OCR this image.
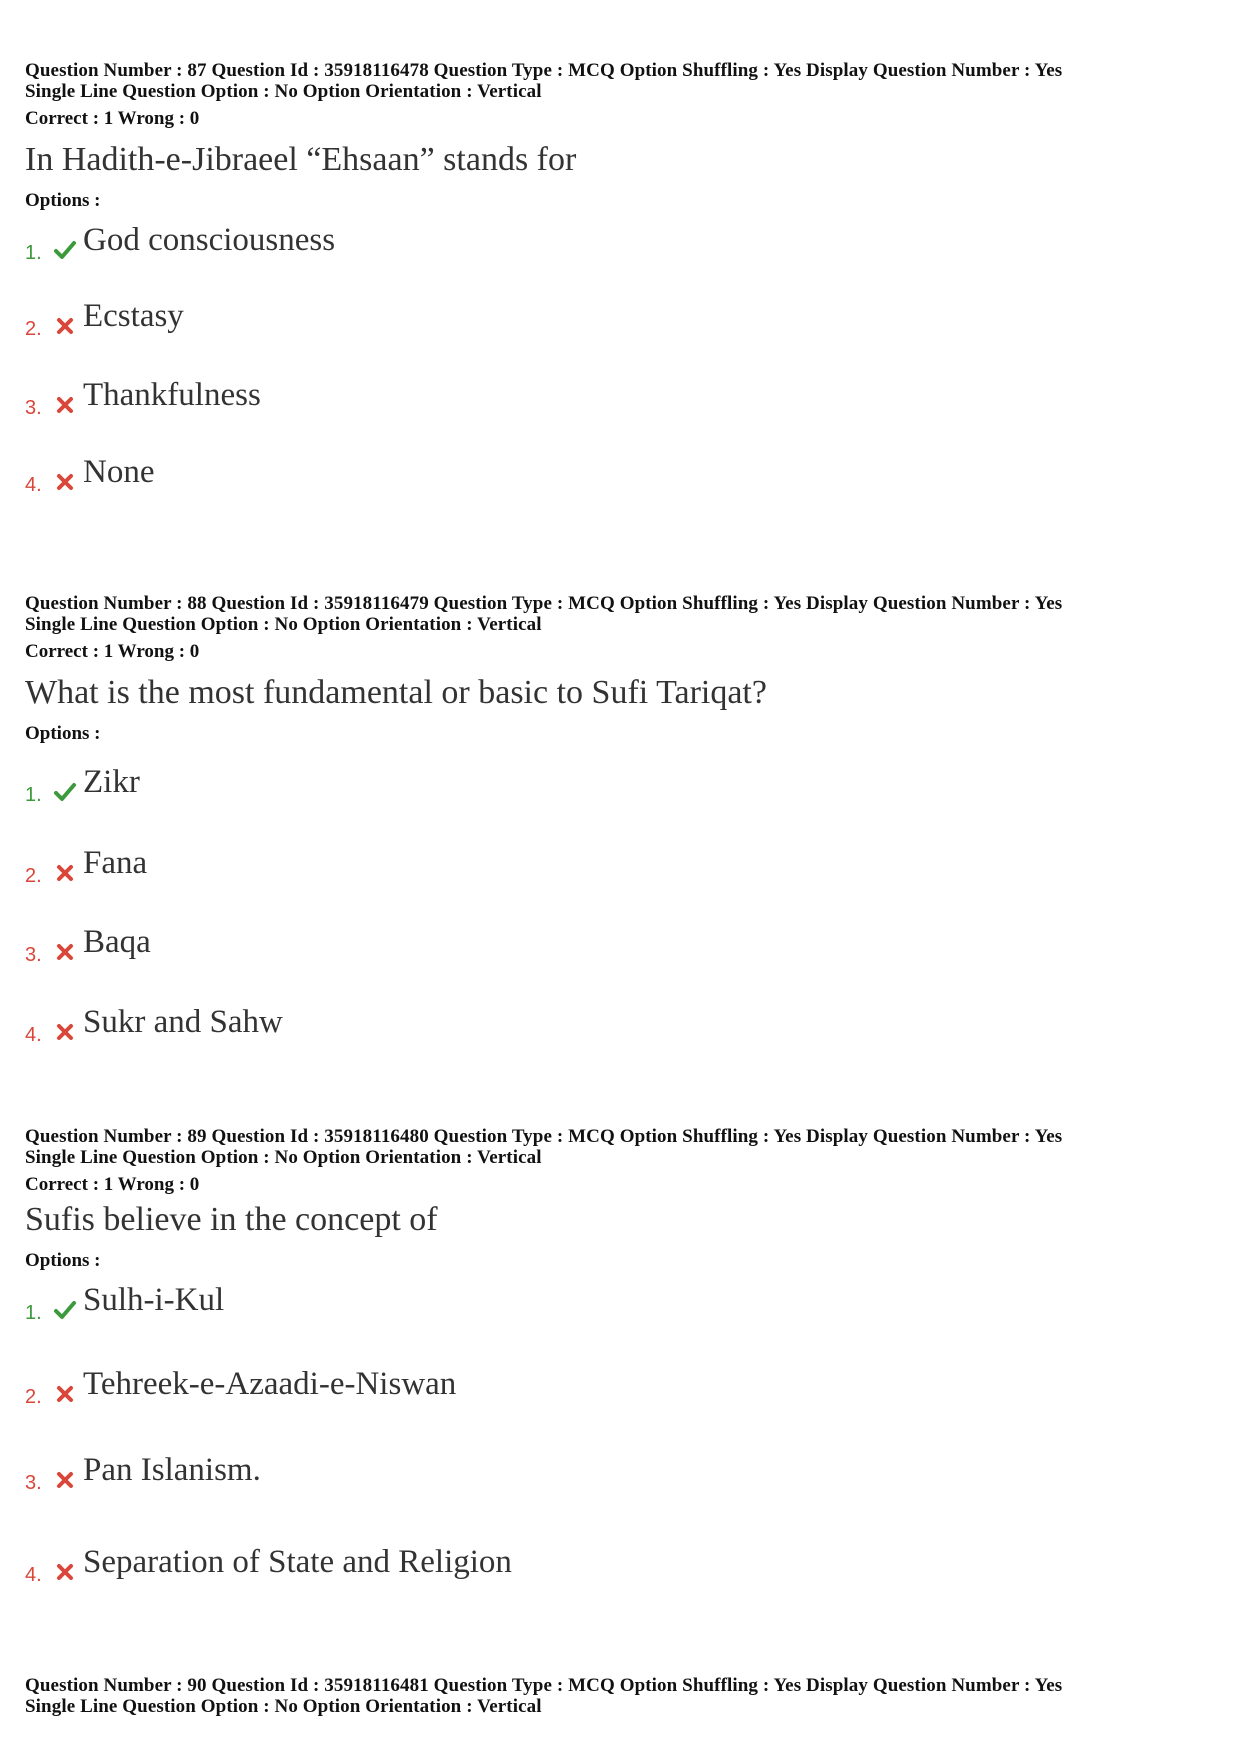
Question Number : 87 Question Id : 35918116478 Question Type : MCQ Option Shuffling : Yes Display Question Number : Yes
Single Line Question Option : No Option Orientation : Vertical
Correct : 1 Wrong : 0
In Hadith-e-Jibraeel “Ehsaan” stands for
Options :
1. God consciousness
2. Ecstasy
3. Thankfulness
4. None
Question Number : 88 Question Id : 35918116479 Question Type : MCQ Option Shuffling : Yes Display Question Number : Yes
Single Line Question Option : No Option Orientation : Vertical
Correct : 1 Wrong : 0
What is the most fundamental or basic to Sufi Tariqat?
Options :
1. Zikr
2. Fana
3. Baqa
4. Sukr and Sahw
Question Number : 89 Question Id : 35918116480 Question Type : MCQ Option Shuffling : Yes Display Question Number : Yes
Single Line Question Option : No Option Orientation : Vertical
Correct : 1 Wrong : 0
Sufis believe in the concept of
Options :
1. Sulh-i-Kul
2. Tehreek-e-Azaadi-e-Niswan
3. Pan Islanism.
4. Separation of State and Religion
Question Number : 90 Question Id : 35918116481 Question Type : MCQ Option Shuffling : Yes Display Question Number : Yes
Single Line Question Option : No Option Orientation : Vertical
